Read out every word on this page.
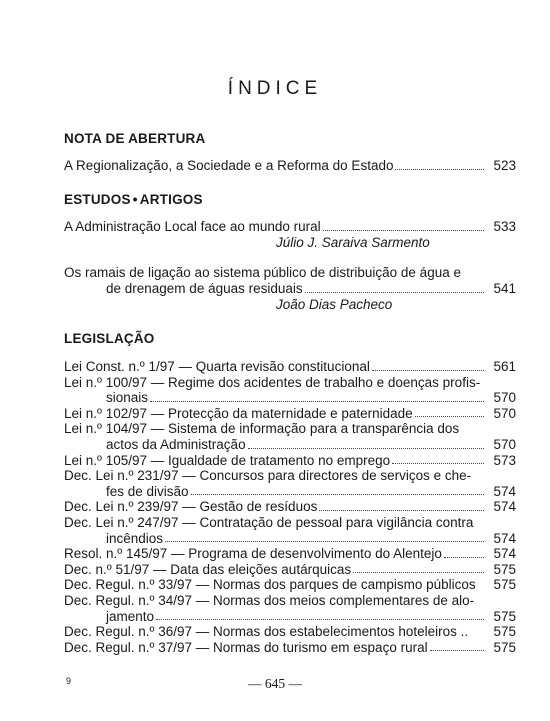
ÍNDICE
NOTA DE ABERTURA
A Regionalização, a Sociedade e a Reforma do Estado	523
ESTUDOS • ARTIGOS
A Administração Local face ao mundo rural	533
Júlio J. Saraiva Sarmento
Os ramais de ligação ao sistema público de distribuição de água e
de drenagem de águas residuais	541
João Dias Pacheco
LEGISLAÇÃO
Lei Const. n.º 1/97 — Quarta revisão constitucional	561
Lei n.º 100/97 — Regime dos acidentes de trabalho e doenças profis-
sionais	570
Lei n.º 102/97 — Protecção da maternidade e paternidade	570
Lei n.º 104/97 — Sistema de informação para a transparência dos
actos da Administração	570
Lei n.º 105/97 — Igualdade de tratamento no emprego	573
Dec. Lei n.º 231/97 — Concursos para directores de serviços e che-
fes de divisão	574
Dec. Lei n.º 239/97 — Gestão de resíduos	574
Dec. Lei n.º 247/97 — Contratação de pessoal para vigilância contra
incêndios	574
Resol. n.º 145/97 — Programa de desenvolvimento do Alentejo	574
Dec. n.º 51/97 — Data das eleições autárquicas	575
Dec. Regul. n.º 33/97 — Normas dos parques de campismo públicos 575
Dec. Regul. n.º 34/97 — Normas dos meios complementares de alo-
jamento	575
Dec. Regul. n.º 36/97 — Normas dos estabelecimentos hoteleiros .. 575
Dec. Regul. n.º 37/97 — Normas do turismo em espaço rural	575
9	— 645 —
